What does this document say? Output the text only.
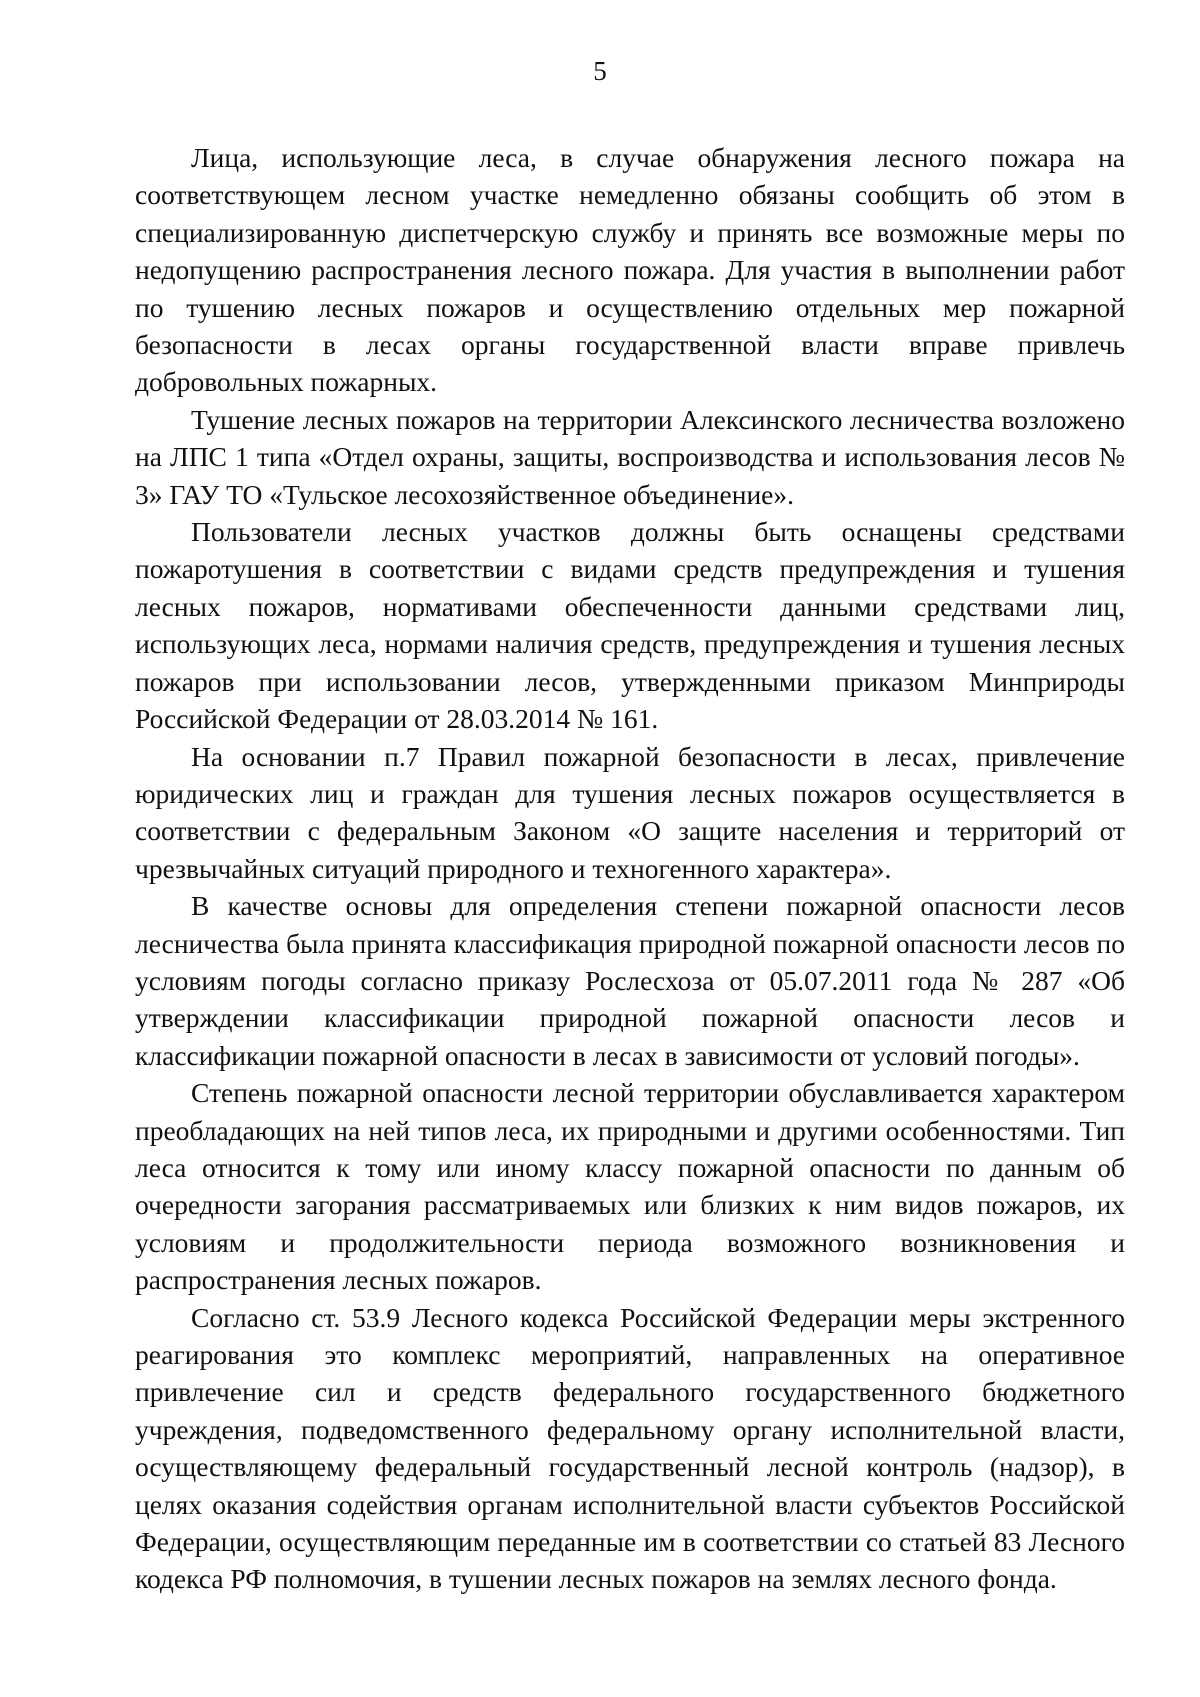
5

Лица, использующие леса, в случае обнаружения лесного пожара на соответствующем лесном участке немедленно обязаны сообщить об этом в специализированную диспетчерскую службу и принять все возможные меры по недопущению распространения лесного пожара. Для участия в выполнении работ по тушению лесных пожаров и осуществлению отдельных мер пожарной безопасности в лесах органы государственной власти вправе привлечь добровольных пожарных.

Тушение лесных пожаров на территории Алексинского лесничества возложено на ЛПС 1 типа «Отдел охраны, защиты, воспроизводства и использования лесов № 3» ГАУ ТО «Тульское лесохозяйственное объединение».

Пользователи лесных участков должны быть оснащены средствами пожаротушения в соответствии с видами средств предупреждения и тушения лесных пожаров, нормативами обеспеченности данными средствами лиц, использующих леса, нормами наличия средств, предупреждения и тушения лесных пожаров при использовании лесов, утвержденными приказом Минприроды Российской Федерации от 28.03.2014 № 161.

На основании п.7 Правил пожарной безопасности в лесах, привлечение юридических лиц и граждан для тушения лесных пожаров осуществляется в соответствии с федеральным Законом «О защите населения и территорий от чрезвычайных ситуаций природного и техногенного характера».

В качестве основы для определения степени пожарной опасности лесов лесничества была принята классификация природной пожарной опасности лесов по условиям погоды согласно приказу Рослесхоза от 05.07.2011 года № 287 «Об утверждении классификации природной пожарной опасности лесов и классификации пожарной опасности в лесах в зависимости от условий погоды».

Степень пожарной опасности лесной территории обуславливается характером преобладающих на ней типов леса, их природными и другими особенностями. Тип леса относится к тому или иному классу пожарной опасности по данным об очередности загорания рассматриваемых или близких к ним видов пожаров, их условиям и продолжительности периода возможного возникновения и распространения лесных пожаров.

Согласно ст. 53.9 Лесного кодекса Российской Федерации меры экстренного реагирования это комплекс мероприятий, направленных на оперативное привлечение сил и средств федерального государственного бюджетного учреждения, подведомственного федеральному органу исполнительной власти, осуществляющему федеральный государственный лесной контроль (надзор), в целях оказания содействия органам исполнительной власти субъектов Российской Федерации, осуществляющим переданные им в соответствии со статьей 83 Лесного кодекса РФ полномочия, в тушении лесных пожаров на землях лесного фонда.
